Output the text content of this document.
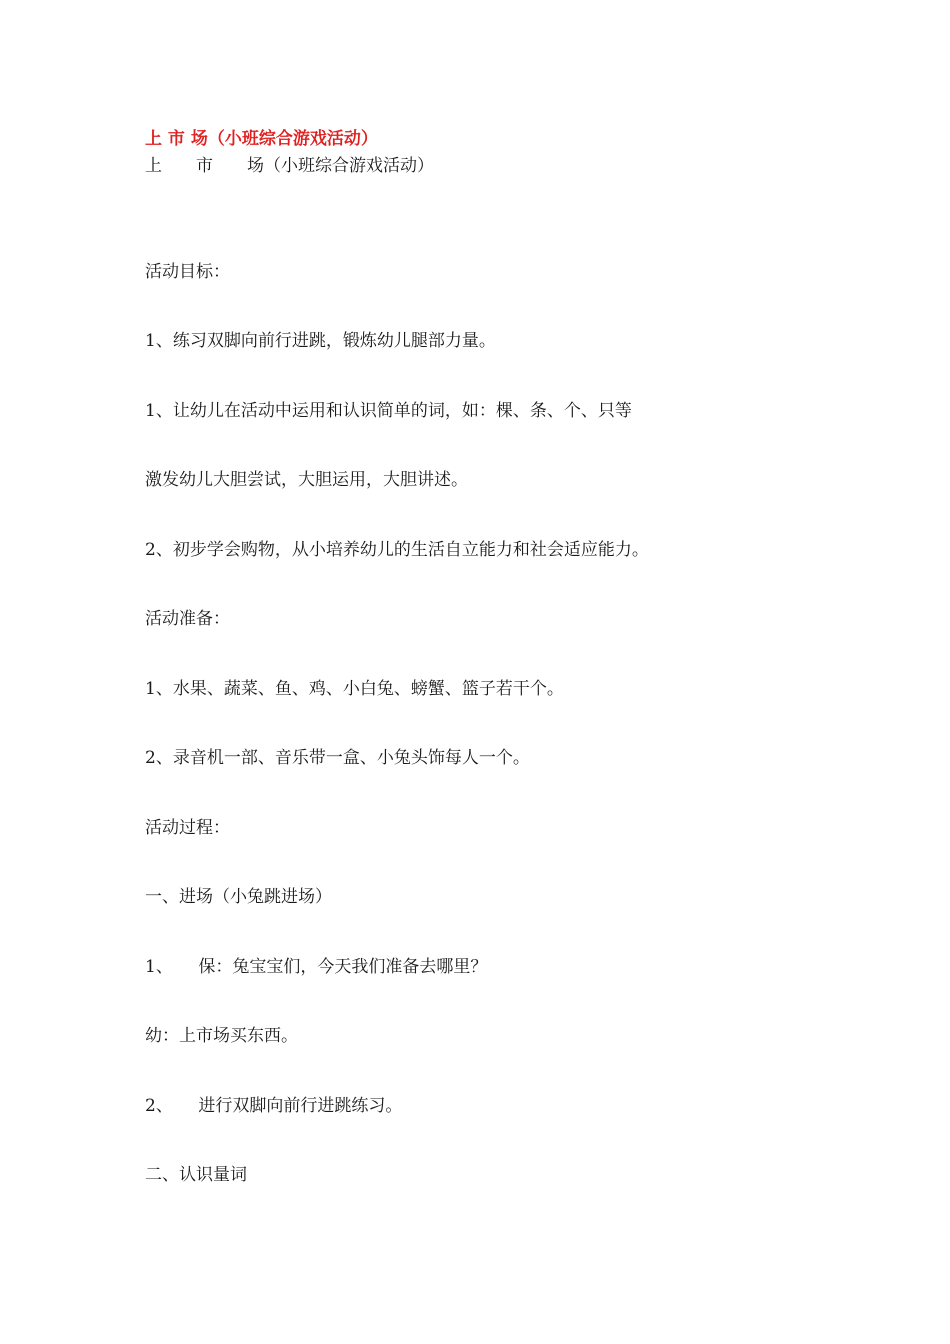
上 市 场（小班综合游戏活动）
上　　市　　场（小班综合游戏活动）
活动目标：
1、练习双脚向前行进跳，锻炼幼儿腿部力量。
1、让幼儿在活动中运用和认识简单的词，如：棵、条、个、只等
激发幼儿大胆尝试，大胆运用，大胆讲述。
2、初步学会购物，从小培养幼儿的生活自立能力和社会适应能力。
活动准备：
1、水果、蔬菜、鱼、鸡、小白兔、螃蟹、篮子若干个。
2、录音机一部、音乐带一盒、小兔头饰每人一个。
活动过程：
一、进场（小兔跳进场）
1、　　保：兔宝宝们，今天我们准备去哪里？
幼：上市场买东西。
2、　　进行双脚向前行进跳练习。
二、认识量词
